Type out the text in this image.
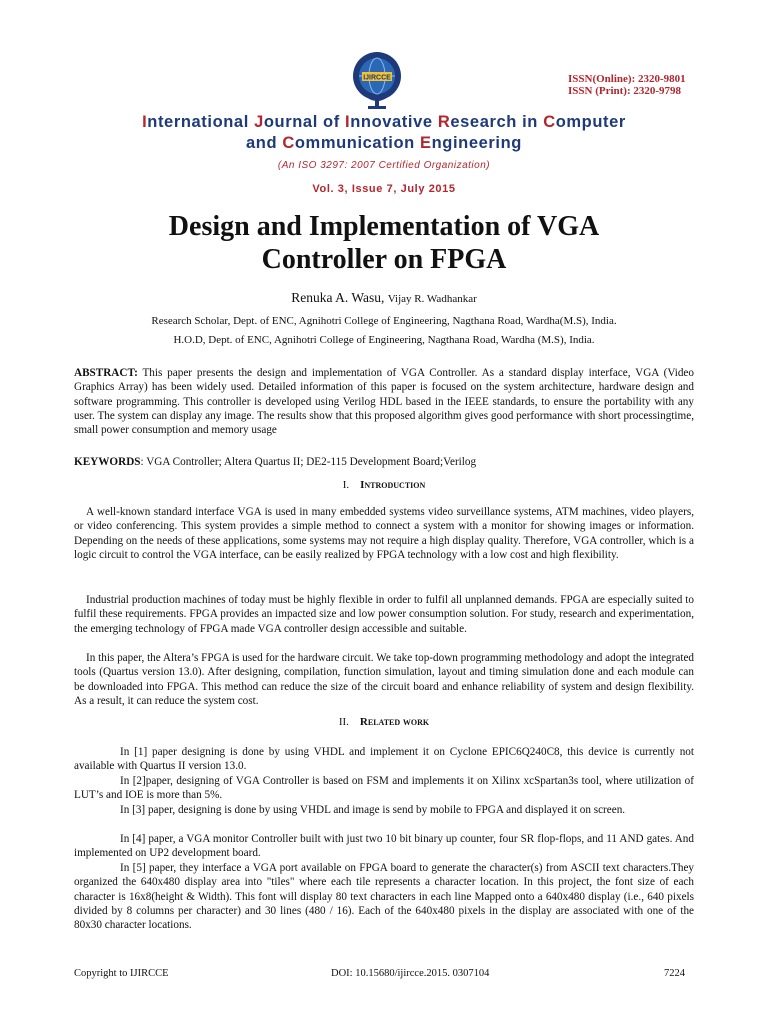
IJIRCCE	ISSN(Online): 2320-9801
ISSN (Print): 2320-9798
International Journal of Innovative Research in Computer
and Communication Engineering
(An ISO 3297: 2007 Certified Organization)
Vol. 3, Issue 7, July 2015
Design and Implementation of VGA
Controller on FPGA
Renuka A. Wasu, Vijay R. Wadhankar
Research Scholar, Dept. of ENC, Agnihotri College of Engineering, Nagthana Road, Wardha(M.S), India.
H.O.D, Dept. of ENC, Agnihotri College of Engineering, Nagthana Road, Wardha (M.S), India.
ABSTRACT: This paper presents the design and implementation of VGA Controller. As a standard display interface, VGA (Video Graphics Array) has been widely used. Detailed information of this paper is focused on the system architecture, hardware design and software programming. This controller is developed using Verilog HDL based in the IEEE standards, to ensure the portability with any user. The system can display any image. The results show that this proposed algorithm gives good performance with short processingtime, small power consumption and memory usage
KEYWORDS: VGA Controller; Altera Quartus II; DE2-115 Development Board;Verilog
I. Introduction
A well-known standard interface VGA is used in many embedded systems video surveillance systems, ATM machines, video players, or video conferencing. This system provides a simple method to connect a system with a monitor for showing images or information. Depending on the needs of these applications, some systems may not require a high display quality. Therefore, VGA controller, which is a logic circuit to control the VGA interface, can be easily realized by FPGA technology with a low cost and high flexibility.
Industrial production machines of today must be highly flexible in order to fulfil all unplanned demands. FPGA are especially suited to fulfil these requirements. FPGA provides an impacted size and low power consumption solution. For study, research and experimentation, the emerging technology of FPGA made VGA controller design accessible and suitable.
In this paper, the Altera’s FPGA is used for the hardware circuit. We take top-down programming methodology and adopt the integrated tools (Quartus version 13.0). After designing, compilation, function simulation, layout and timing simulation done and each module can be downloaded into FPGA. This method can reduce the size of the circuit board and enhance reliability of system and design flexibility. As a result, it can reduce the system cost.
II. Related work
In [1] paper designing is done by using VHDL and implement it on Cyclone EPIC6Q240C8, this device is currently not available with Quartus II version 13.0.
In [2]paper, designing of VGA Controller is based on FSM and implements it on Xilinx xcSpartan3s tool, where utilization of LUT’s and IOE is more than 5%.
In [3] paper, designing is done by using VHDL and image is send by mobile to FPGA and displayed it on screen.
In [4] paper, a VGA monitor Controller built with just two 10 bit binary up counter, four SR flop-flops, and 11 AND gates. And implemented on UP2 development board.
In [5] paper, they interface a VGA port available on FPGA board to generate the character(s) from ASCII text characters.They organized the 640x480 display area into "tiles" where each tile represents a character location. In this project, the font size of each character is 16x8(height & Width). This font will display 80 text characters in each line Mapped onto a 640x480 display (i.e., 640 pixels divided by 8 columns per character) and 30 lines (480 / 16). Each of the 640x480 pixels in the display are associated with one of the 80x30 character locations.
Copyright to IJIRCCE	DOI: 10.15680/ijircce.2015. 0307104	7224
